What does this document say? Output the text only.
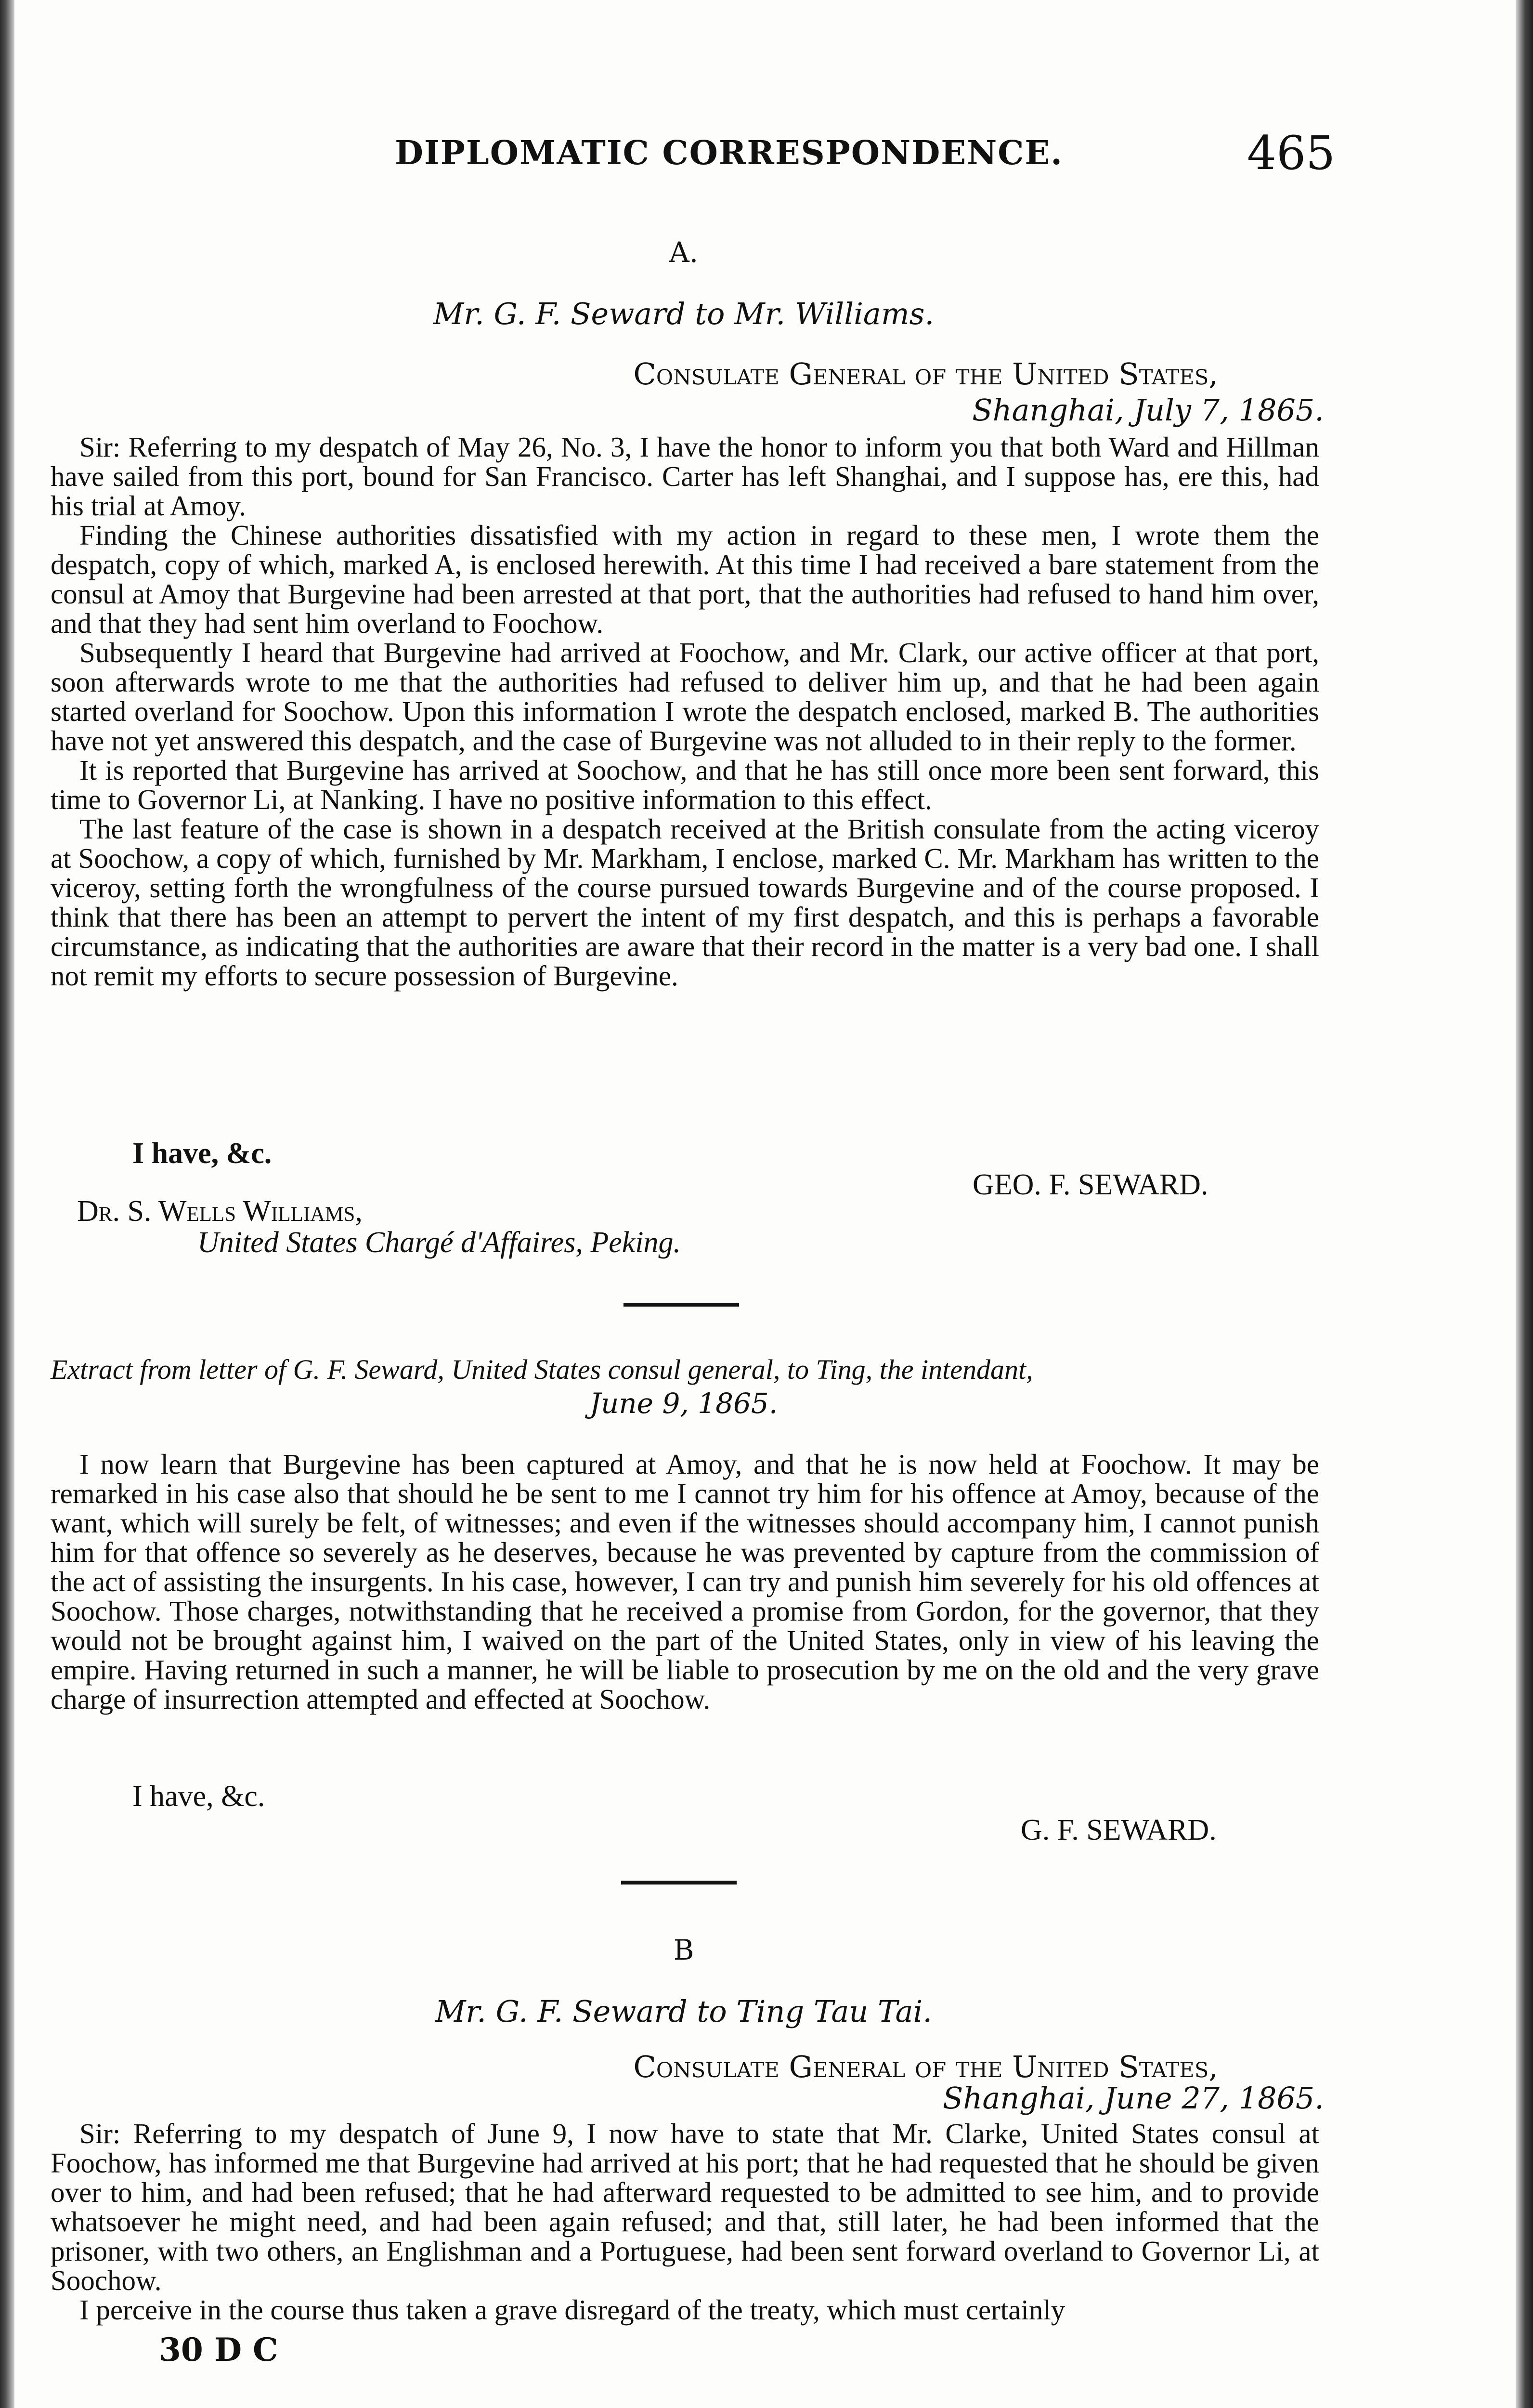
DIPLOMATIC CORRESPONDENCE.	465
A.
Mr. G. F. Seward to Mr. Williams.
Consulate General of the United States,
Shanghai, July 7, 1865.

Sir: Referring to my despatch of May 26, No. 3, I have the honor to inform you that both Ward and Hillman have sailed from this port, bound for San Francisco. Carter has left Shanghai, and I suppose has, ere this, had his trial at Amoy.

Finding the Chinese authorities dissatisfied with my action in regard to these men, I wrote them the despatch, copy of which, marked A, is enclosed herewith. At this time I had received a bare statement from the consul at Amoy that Burgevine had been arrested at that port, that the authorities had refused to hand him over, and that they had sent him overland to Foochow.

Subsequently I heard that Burgevine had arrived at Foochow, and Mr. Clark, our active officer at that port, soon afterwards wrote to me that the authorities had refused to deliver him up, and that he had been again started overland for Soochow. Upon this information I wrote the despatch enclosed, marked B. The authorities have not yet answered this despatch, and the case of Burgevine was not alluded to in their reply to the former.

It is reported that Burgevine has arrived at Soochow, and that he has still once more been sent forward, this time to Governor Li, at Nanking. I have no positive information to this effect.

The last feature of the case is shown in a despatch received at the British consulate from the acting viceroy at Soochow, a copy of which, furnished by Mr. Markham, I enclose, marked C. Mr. Markham has written to the viceroy, setting forth the wrongfulness of the course pursued towards Burgevine and of the course proposed. I think that there has been an attempt to pervert the intent of my first despatch, and this is perhaps a favorable circumstance, as indicating that the authorities are aware that their record in the matter is a very bad one. I shall not remit my efforts to secure possession of Burgevine.

I have, &c.
GEO. F. SEWARD.
Dr. S. Wells Williams,
United States Chargé d'Affaires, Peking.
Extract from letter of G. F. Seward, United States consul general, to Ting, the intendant,
June 9, 1865.

I now learn that Burgevine has been captured at Amoy, and that he is now held at Foochow. It may be remarked in his case also that should he be sent to me I cannot try him for his offence at Amoy, because of the want, which will surely be felt, of witnesses; and even if the witnesses should accompany him, I cannot punish him for that offence so severely as he deserves, because he was prevented by capture from the commission of the act of assisting the insurgents. In his case, however, I can try and punish him severely for his old offences at Soochow. Those charges, notwithstanding that he received a promise from Gordon, for the governor, that they would not be brought against him, I waived on the part of the United States, only in view of his leaving the empire. Having returned in such a manner, he will be liable to prosecution by me on the old and the very grave charge of insurrection attempted and effected at Soochow.

I have, &c.
G. F. SEWARD.
B
Mr. G. F. Seward to Ting Tau Tai.
Consulate General of the United States,
Shanghai, June 27, 1865.

Sir: Referring to my despatch of June 9, I now have to state that Mr. Clarke, United States consul at Foochow, has informed me that Burgevine had arrived at his port; that he had requested that he should be given over to him, and had been refused; that he had afterward requested to be admitted to see him, and to provide whatsoever he might need, and had been again refused; and that, still later, he had been informed that the prisoner, with two others, an Englishman and a Portuguese, had been sent forward overland to Governor Li, at Soochow.

I perceive in the course thus taken a grave disregard of the treaty, which must certainly

30 D C
